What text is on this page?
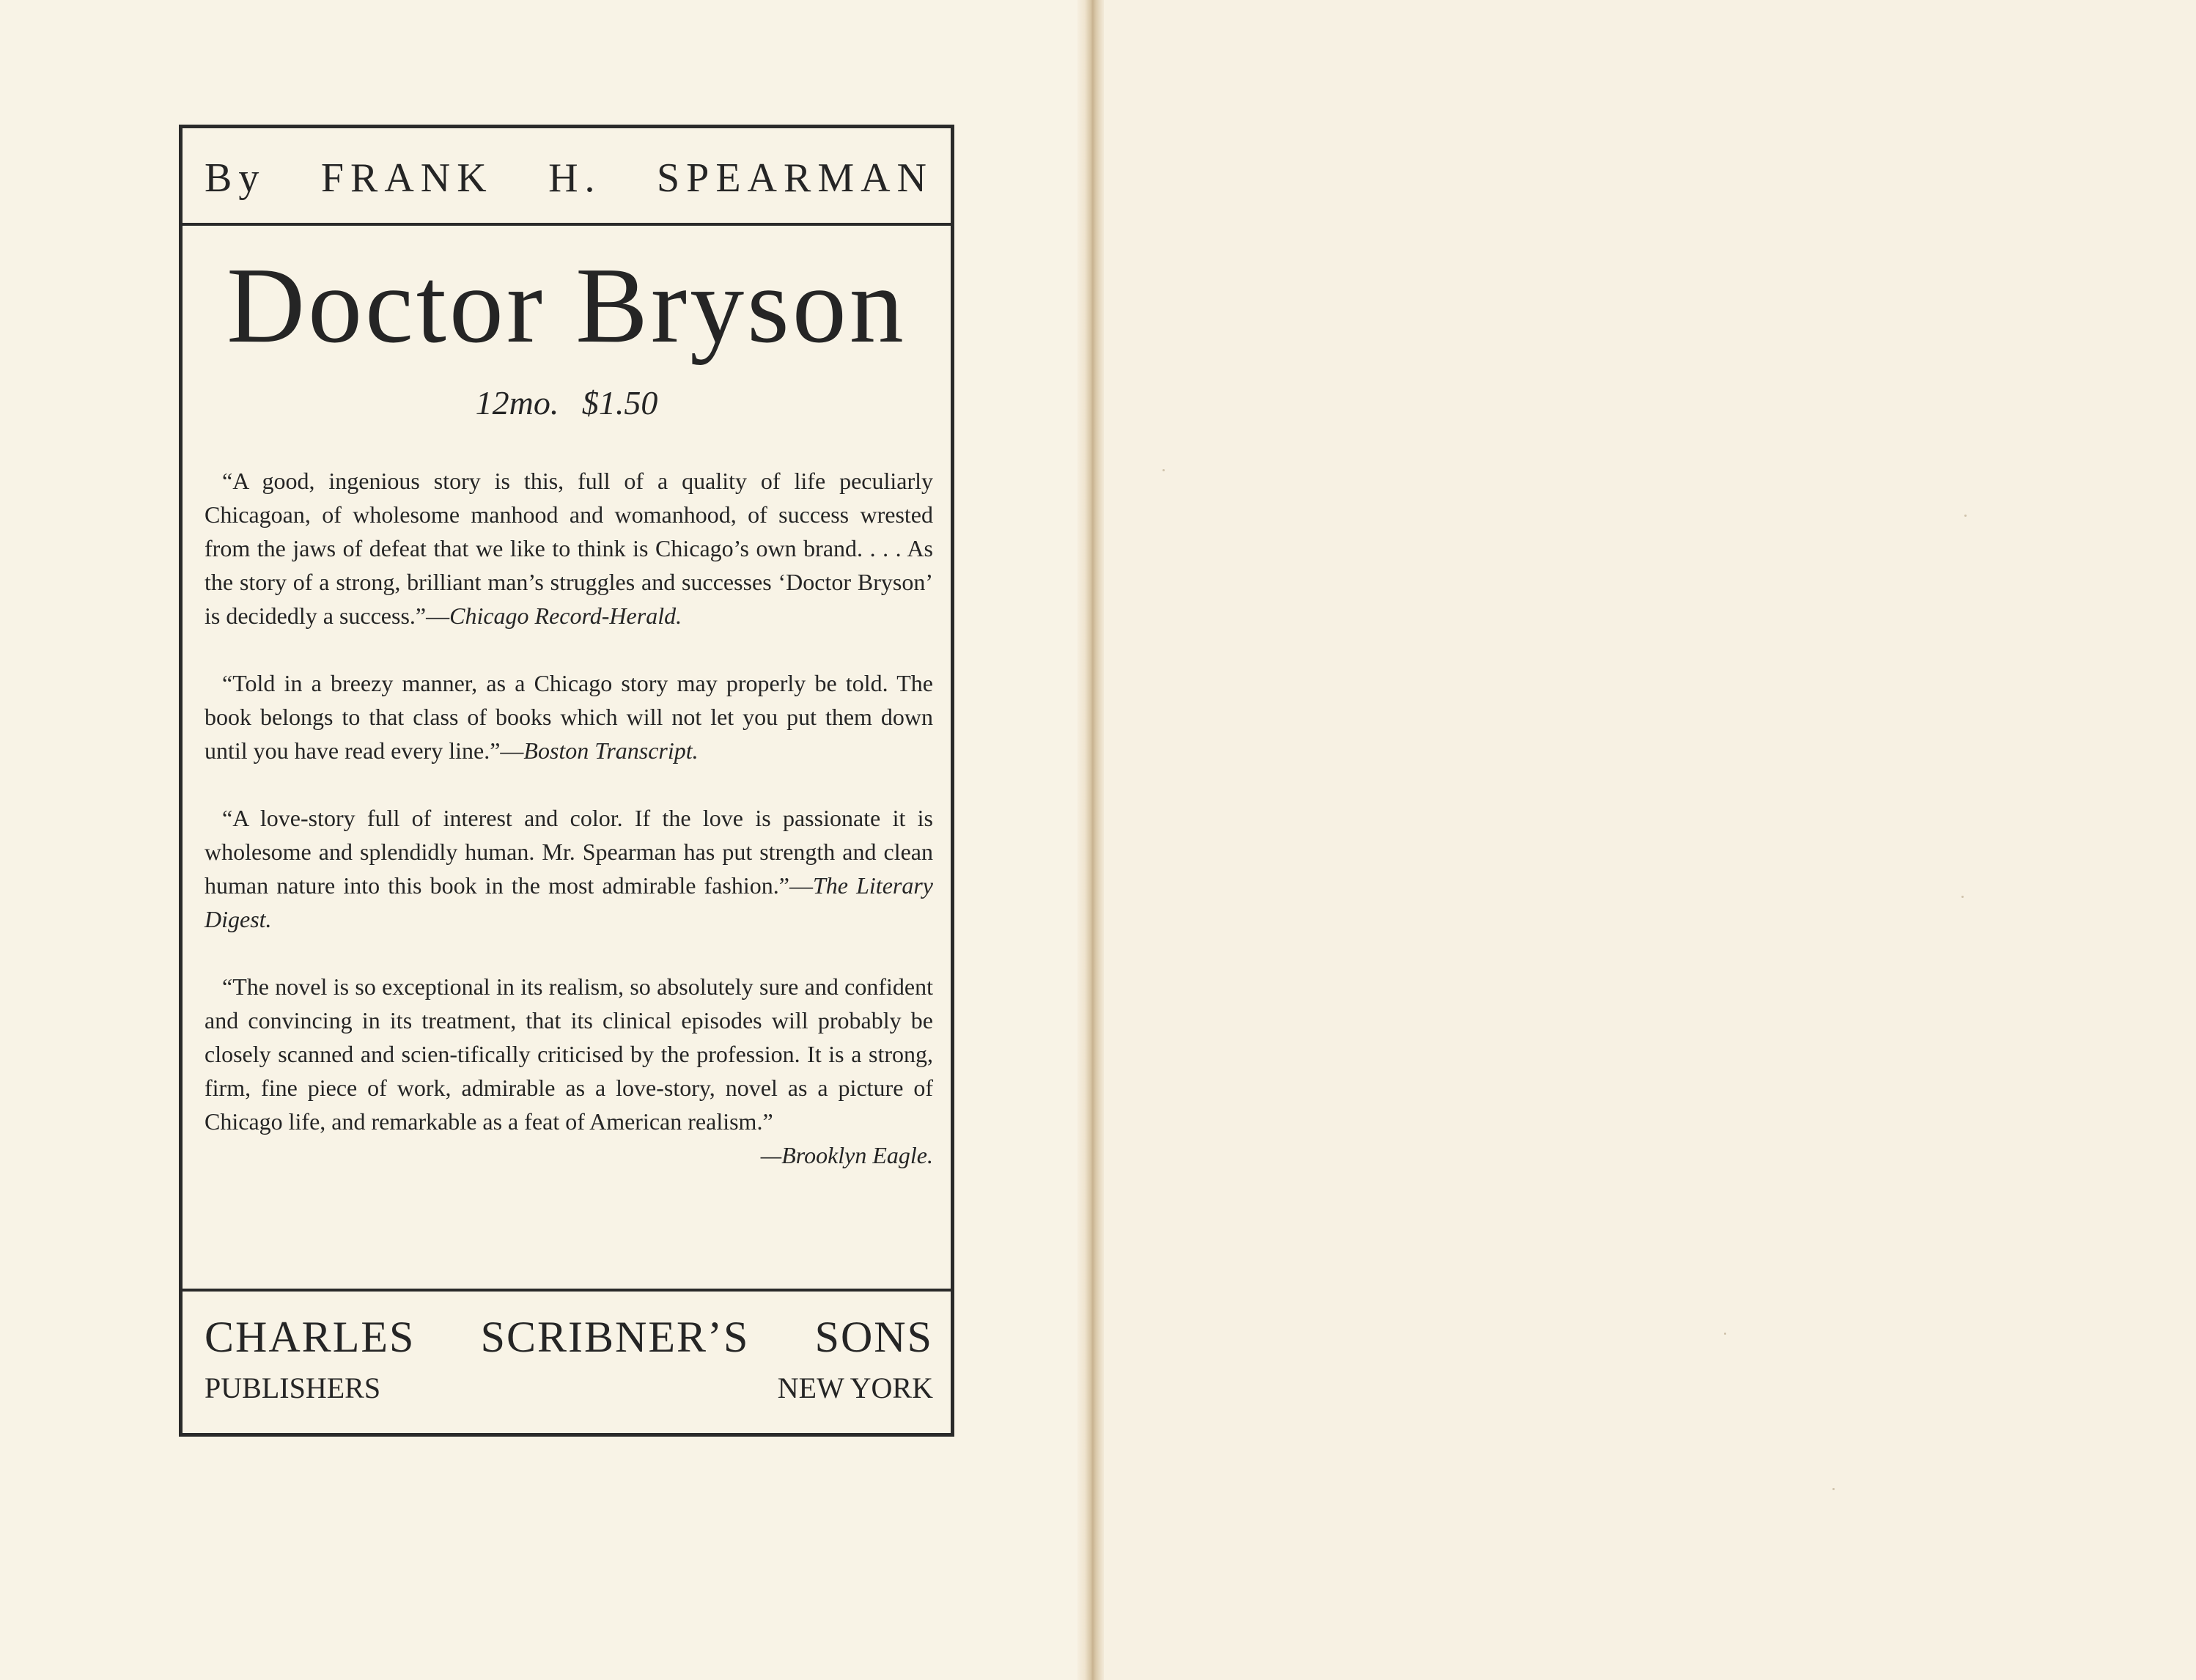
By FRANK H. SPEARMAN
Doctor Bryson
12mo. $1.50

“A good, ingenious story is this, full of a quality of life peculiarly Chicagoan, of wholesome manhood and womanhood, of success wrested from the jaws of defeat that we like to think is Chicago’s own brand. . . . As the story of a strong, brilliant man’s struggles and successes ‘Doctor Bryson’ is decidedly a success.”—Chicago Record-Herald.

“Told in a breezy manner, as a Chicago story may properly be told. The book belongs to that class of books which will not let you put them down until you have read every line.”—Boston Transcript.

“A love-story full of interest and color. If the love is passionate it is wholesome and splendidly human. Mr. Spearman has put strength and clean human nature into this book in the most admirable fashion.”—The Literary Digest.

“The novel is so exceptional in its realism, so absolutely sure and confident and convincing in its treatment, that its clinical episodes will probably be closely scanned and scien-tifically criticised by the profession. It is a strong, firm, fine piece of work, admirable as a love-story, novel as a picture of Chicago life, and remarkable as a feat of American realism.”
—Brooklyn Eagle.

CHARLES SCRIBNER’S SONS
PUBLISHERS	NEW YORK
